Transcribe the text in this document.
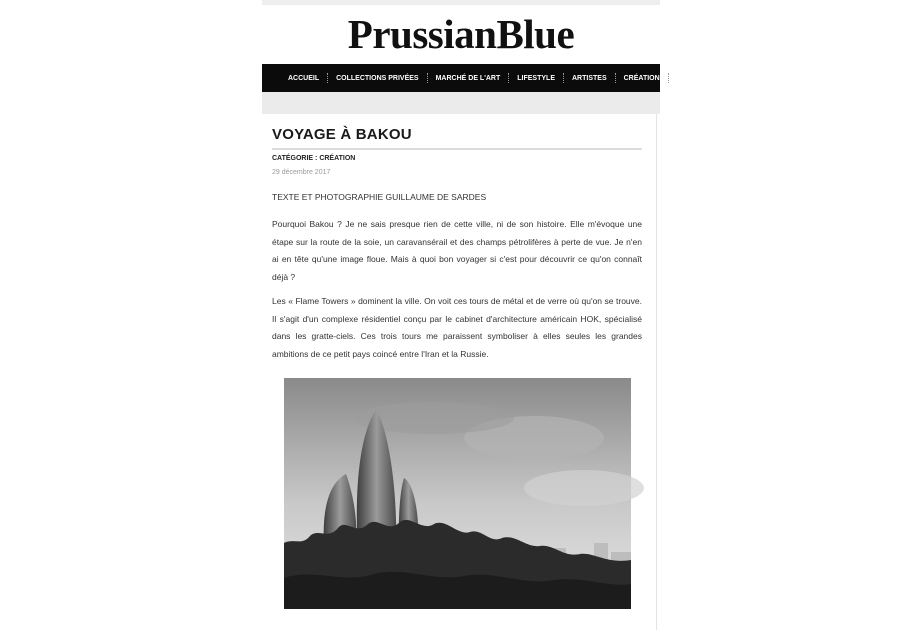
PrussianBlue
ACCUEIL	COLLECTIONS PRIVÉES	MARCHÉ DE L'ART	LIFESTYLE	ARTISTES	CRÉATION	LE M
VOYAGE À BAKOU
CATÉGORIE : CRÉATION
29 décembre 2017
TEXTE ET PHOTOGRAPHIE GUILLAUME DE SARDES

Pourquoi Bakou ? Je ne sais presque rien de cette ville, ni de son histoire. Elle m'évoque une étape sur la route de la soie, un caravansérail et des champs pétrolifères à perte de vue. Je n'en ai en tête qu'une image floue. Mais à quoi bon voyager si c'est pour découvrir ce qu'on connaît déjà ?

Les « Flame Towers » dominent la ville. On voit ces tours de métal et de verre où qu'on se trouve. Il s'agit d'un complexe résidentiel conçu par le cabinet d'architecture américain HOK, spécialisé dans les gratte-ciels. Ces trois tours me paraissent symboliser à elles seules les grandes ambitions de ce petit pays coincé entre l'Iran et la Russie.
